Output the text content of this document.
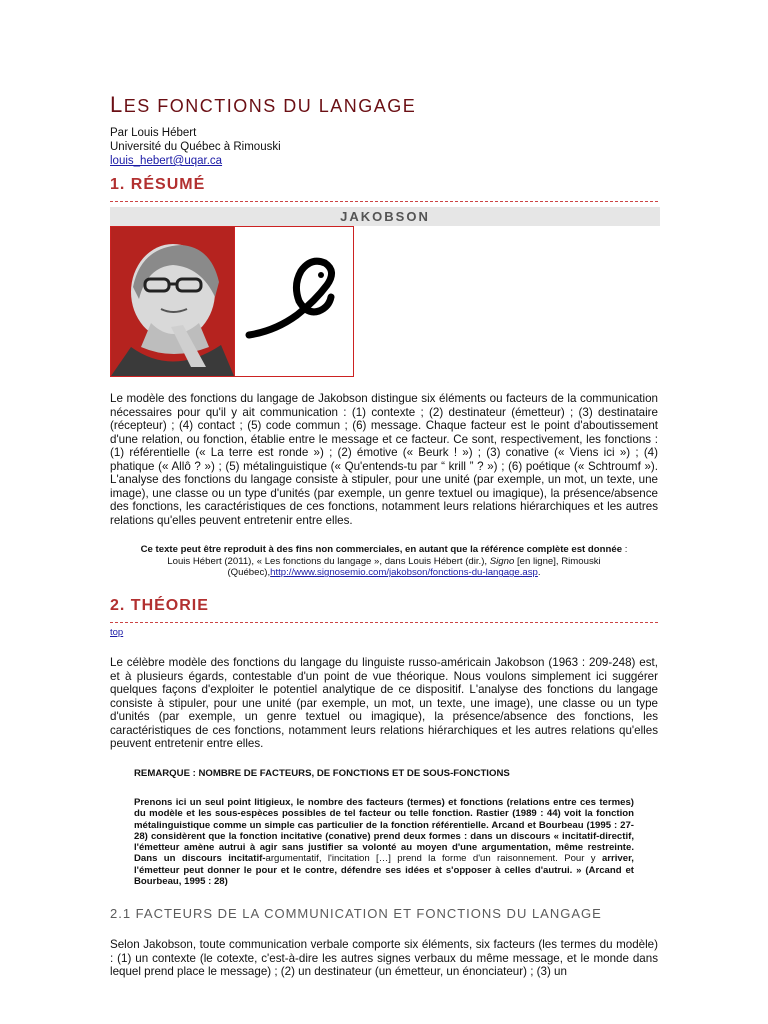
LES FONCTIONS DU LANGAGE
Par Louis Hébert
Université du Québec à Rimouski
louis_hebert@uqar.ca
1. RÉSUMÉ
JAKOBSON

Le modèle des fonctions du langage de Jakobson distingue six éléments ou facteurs de la communication nécessaires pour qu'il y ait communication : (1) contexte ; (2) destinateur (émetteur) ; (3) destinataire (récepteur) ; (4) contact ; (5) code commun ; (6) message. Chaque facteur est le point d'aboutissement d'une relation, ou fonction, établie entre le message et ce facteur. Ce sont, respectivement, les fonctions : (1) référentielle (« La terre est ronde ») ; (2) émotive (« Beurk ! ») ; (3) conative (« Viens ici ») ; (4) phatique (« Allô ? ») ; (5) métalinguistique (« Qu'entends-tu par “ krill ” ? ») ; (6) poétique (« Schtroumf »). L'analyse des fonctions du langage consiste à stipuler, pour une unité (par exemple, un mot, un texte, une image), une classe ou un type d'unités (par exemple, un genre textuel ou imagique), la présence/absence des fonctions, les caractéristiques de ces fonctions, notamment leurs relations hiérarchiques et les autres relations qu'elles peuvent entretenir entre elles.

Ce texte peut être reproduit à des fins non commerciales, en autant que la référence complète est donnée :
Louis Hébert (2011), « Les fonctions du langage », dans Louis Hébert (dir.), Signo [en ligne], Rimouski (Québec),http://www.signosemio.com/jakobson/fonctions-du-langage.asp.
2. THÉORIE
top

Le célèbre modèle des fonctions du langage du linguiste russo-américain Jakobson (1963 : 209-248) est, et à plusieurs égards, contestable d'un point de vue théorique. Nous voulons simplement ici suggérer quelques façons d'exploiter le potentiel analytique de ce dispositif. L'analyse des fonctions du langage consiste à stipuler, pour une unité (par exemple, un mot, un texte, une image), une classe ou un type d'unités (par exemple, un genre textuel ou imagique), la présence/absence des fonctions, les caractéristiques de ces fonctions, notamment leurs relations hiérarchiques et les autres relations qu'elles peuvent entretenir entre elles.

REMARQUE : NOMBRE DE FACTEURS, DE FONCTIONS ET DE SOUS-FONCTIONS

Prenons ici un seul point litigieux, le nombre des facteurs (termes) et fonctions (relations entre ces termes) du modèle et les sous-espèces possibles de tel facteur ou telle fonction. Rastier (1989 : 44) voit la fonction métalinguistique comme un simple cas particulier de la fonction référentielle. Arcand et Bourbeau (1995 : 27-28) considèrent que la fonction incitative (conative) prend deux formes : dans un discours « incitatif-directif, l'émetteur amène autrui à agir sans justifier sa volonté au moyen d'une argumentation, même restreinte. Dans un discours incitatif-argumentatif, l'incitation […] prend la forme d'un raisonnement. Pour y arriver, l'émetteur peut donner le pour et le contre, défendre ses idées et s'opposer à celles d'autrui. » (Arcand et Bourbeau, 1995 : 28)

2.1 FACTEURS DE LA COMMUNICATION ET FONCTIONS DU LANGAGE

Selon Jakobson, toute communication verbale comporte six éléments, six facteurs (les termes du modèle) : (1) un contexte (le cotexte, c'est-à-dire les autres signes verbaux du même message, et le monde dans lequel prend place le message) ; (2) un destinateur (un émetteur, un énonciateur) ; (3) un
